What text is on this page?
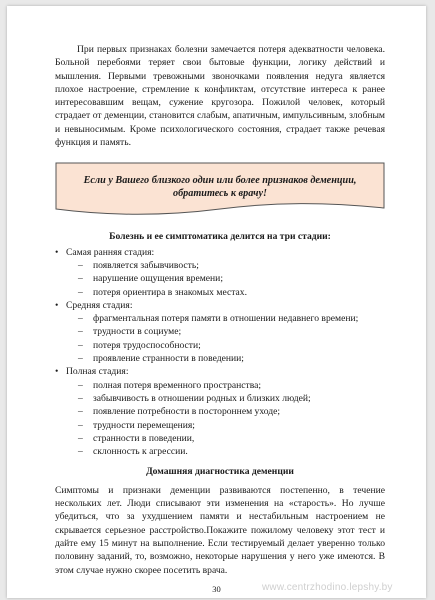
При первых признаках болезни замечается потеря адекватности человека. Больной перебоями теряет свои бытовые функции, логику действий и мышления. Первыми тревожными звоночками появления недуга является плохое настроение, стремление к конфликтам, отсутствие интереса к ранее интересовавшим вещам, сужение кругозора. Пожилой человек, который страдает от деменции, становится слабым, апатичным, импульсивным, злобным и невыносимым. Кроме психологического состояния, страдает также речевая функция и память.

Если у Вашего близкого один или более признаков деменции,
обратитесь к врачу!
Болезнь и ее симптоматика делится на три стадии:
• Самая ранняя стадия:
– появляется забывчивость;
– нарушение ощущения времени;
– потеря ориентира в знакомых местах.
• Средняя стадия:
– фрагментальная потеря памяти в отношении недавнего времени;
– трудности в социуме;
– потеря трудоспособности;
– проявление странности в поведении;
• Полная стадия:
– полная потеря временного пространства;
– забывчивость в отношении родных и близких людей;
– появление потребности в постороннем уходе;
– трудности перемещения;
– странности в поведении,
– склонность к агрессии.
Домашняя диагностика деменции

Симптомы и признаки деменции развиваются постепенно, в течение нескольких лет. Люди списывают эти изменения на «старость». Но лучше убедиться, что за ухудшением памяти и нестабильным настроением не скрывается серьезное расстройство.Покажите пожилому человеку этот тест и дайте ему 15 минут на выполнение. Если тестируемый делает уверенно только половину заданий, то, возможно, некоторые нарушения у него уже имеются. В этом случае нужно скорее посетить врача.

30	www.centrzhodino.lepshy.by
